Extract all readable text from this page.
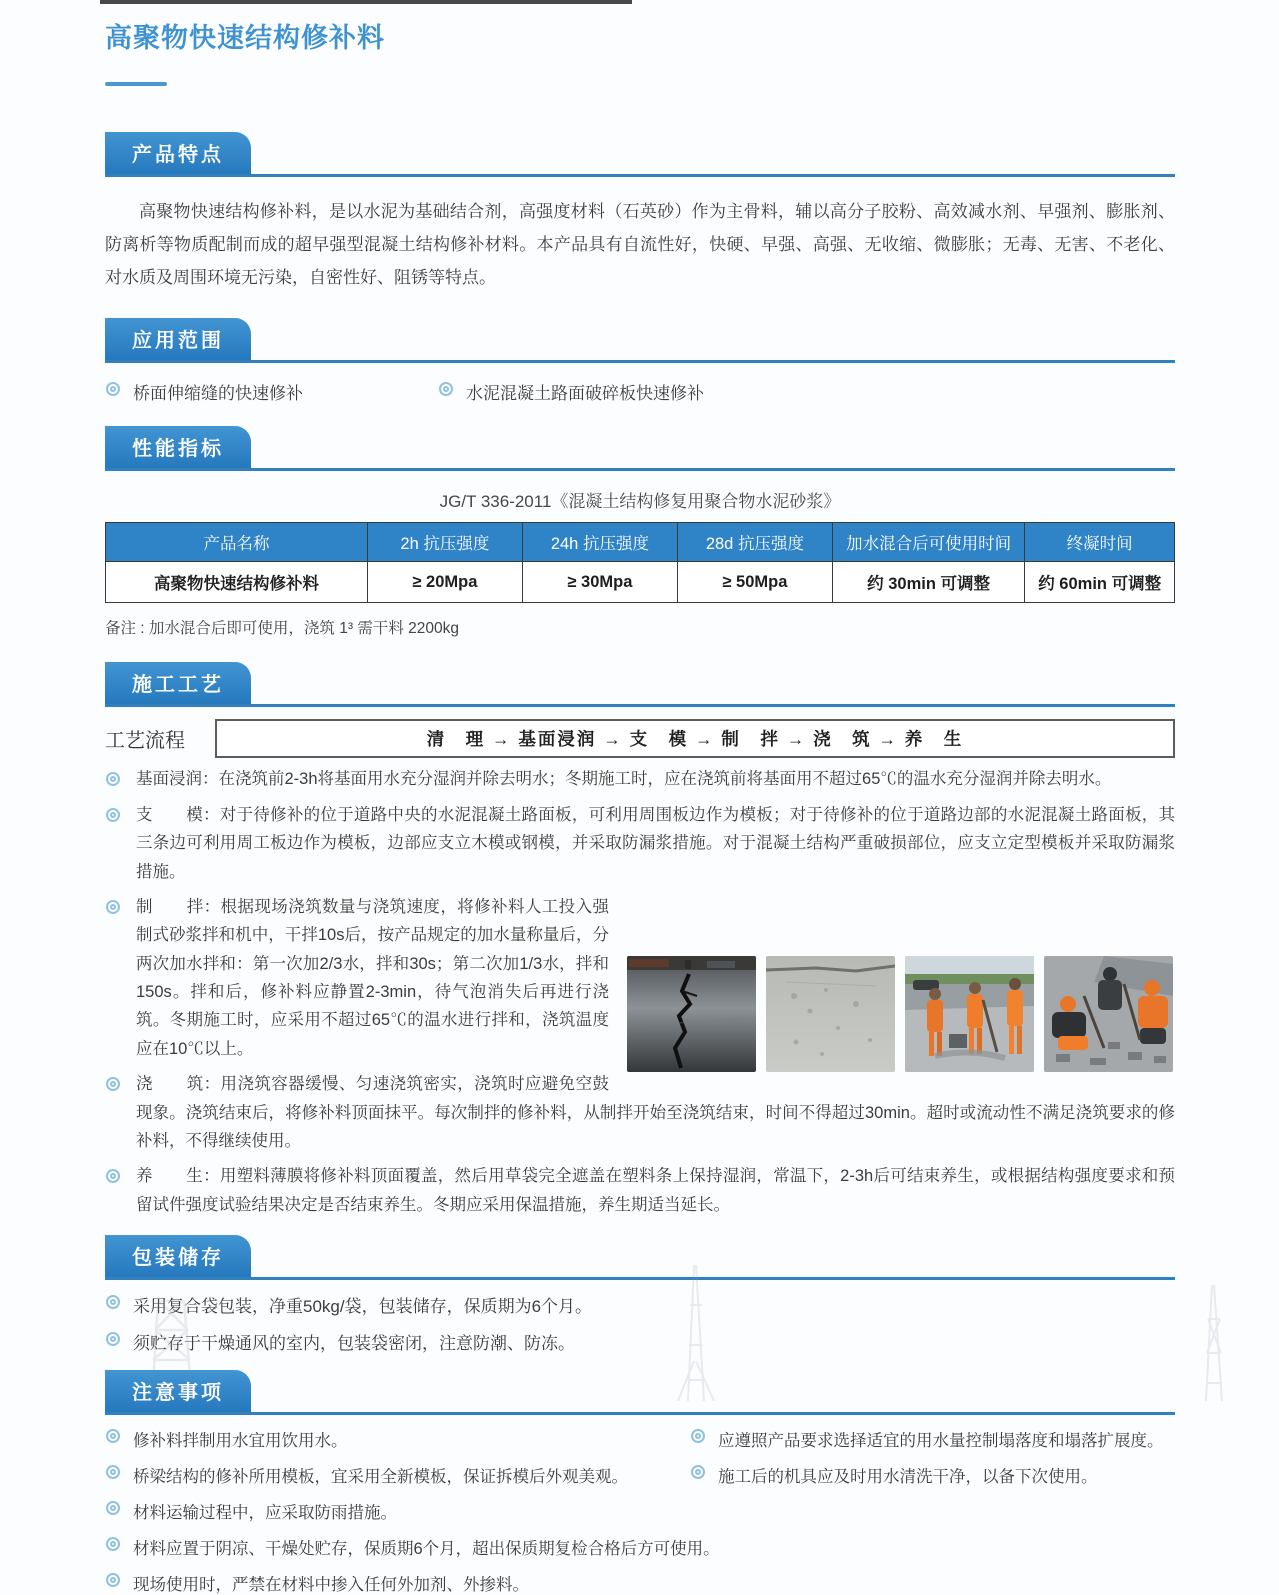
高聚物快速结构修补料
产品特点

高聚物快速结构修补料，是以水泥为基础结合剂，高强度材料（石英砂）作为主骨料，辅以高分子胶粉、高效减水剂、早强剂、膨胀剂、防离析等物质配制而成的超早强型混凝土结构修补材料。本产品具有自流性好，快硬、早强、高强、无收缩、微膨胀；无毒、无害、不老化、对水质及周围环境无污染，自密性好、阻锈等特点。

应用范围
桥面伸缩缝的快速修补	水泥混凝土路面破碎板快速修补
性能指标
JG/T 336-2011《混凝土结构修复用聚合物水泥砂浆》
产品名称	2h 抗压强度	24h 抗压强度	28d 抗压强度	加水混合后可使用时间	终凝时间
高聚物快速结构修补料	≥ 20Mpa	≥ 30Mpa	≥ 50Mpa	约 30min 可调整	约 60min 可调整
备注 : 加水混合后即可使用，浇筑 1³ 需干料 2200kg
施工工艺
工艺流程	清　理 → 基面浸润 → 支　模 → 制　拌 → 浇　筑 → 养　生

基面浸润：在浇筑前2-3h将基面用水充分湿润并除去明水；冬期施工时，应在浇筑前将基面用不超过65℃的温水充分湿润并除去明水。

支　　模：对于待修补的位于道路中央的水泥混凝土路面板，可利用周围板边作为模板；对于待修补的位于道路边部的水泥混凝土路面板，其三条边可利用周工板边作为模板，边部应支立木模或钢模，并采取防漏浆措施。对于混凝土结构严重破损部位，应支立定型模板并采取防漏浆措施。

制　　拌：根据现场浇筑数量与浇筑速度，将修补料人工投入强制式砂浆拌和机中，干拌10s后，按产品规定的加水量称量后，分两次加水拌和：第一次加2/3水，拌和30s；第二次加1/3水，拌和150s。拌和后，修补料应静置2-3min，待气泡消失后再进行浇筑。冬期施工时，应采用不超过65℃的温水进行拌和，浇筑温度应在10℃以上。

浇　　筑：用浇筑容器缓慢、匀速浇筑密实，浇筑时应避免空鼓现象。浇筑结束后，将修补料顶面抹平。每次制拌的修补料，从制拌开始至浇筑结束，时间不得超过30min。超时或流动性不满足浇筑要求的修补料，不得继续使用。

养　　生：用塑料薄膜将修补料顶面覆盖，然后用草袋完全遮盖在塑料条上保持湿润，常温下，2-3h后可结束养生，或根据结构强度要求和预留试件强度试验结果决定是否结束养生。冬期应采用保温措施，养生期适当延长。

包装储存
采用复合袋包装，净重50kg/袋，包装储存，保质期为6个月。
须贮存于干燥通风的室内，包装袋密闭，注意防潮、防冻。
注意事项
修补料拌制用水宜用饮用水。	应遵照产品要求选择适宜的用水量控制塌落度和塌落扩展度。
桥梁结构的修补所用模板，宜采用全新模板，保证拆模后外观美观。	施工后的机具应及时用水清洗干净，以备下次使用。
材料运输过程中，应采取防雨措施。
材料应置于阴凉、干燥处贮存，保质期6个月，超出保质期复检合格后方可使用。
现场使用时，严禁在材料中掺入任何外加剂、外掺料。
